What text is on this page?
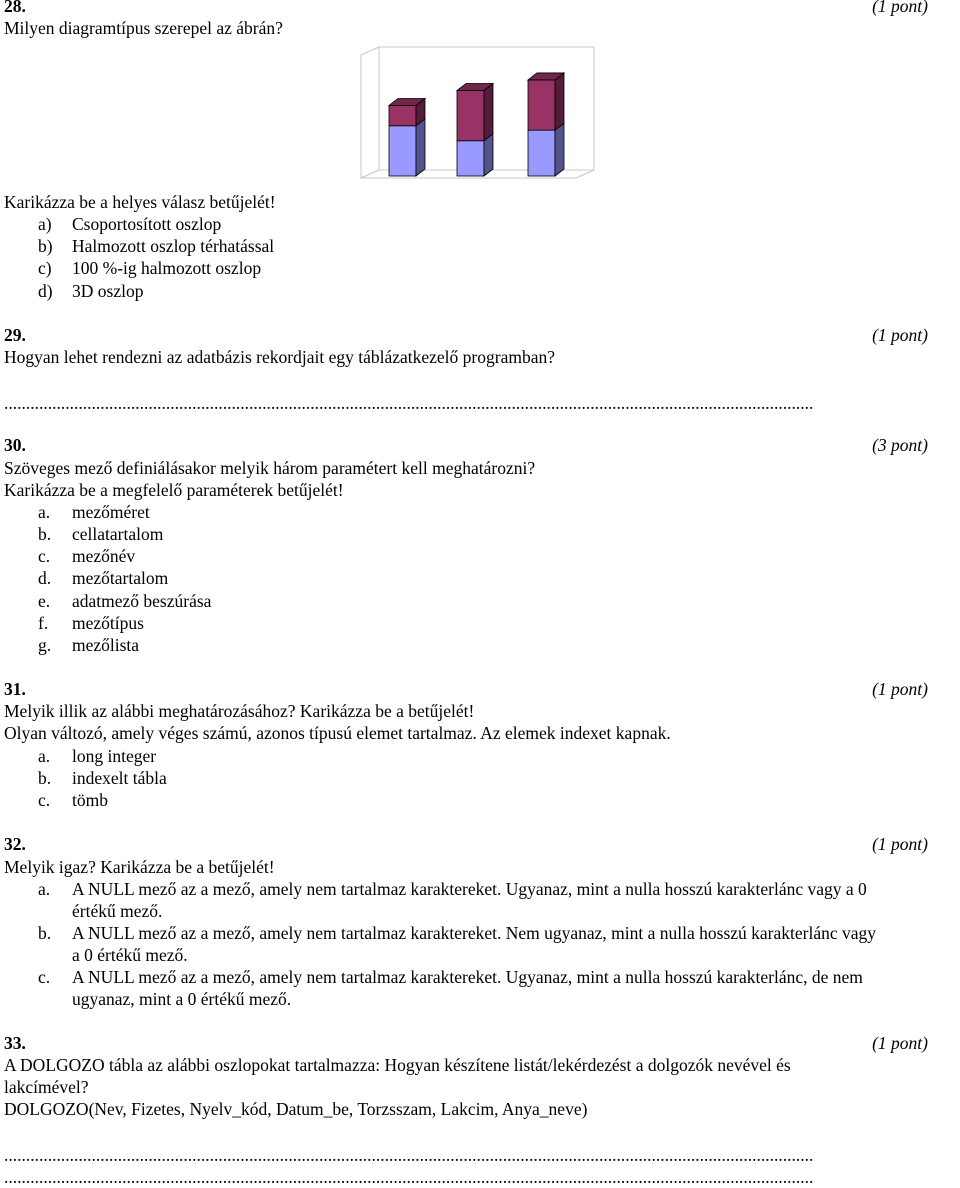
28.	(1 pont)
Milyen diagramtípus szerepel az ábrán?
Karikázza be a helyes válasz betűjelét!
a) Csoportosított oszlop
b) Halmozott oszlop térhatással
c) 100 %-ig halmozott oszlop
d) 3D oszlop
29.	(1 pont)
Hogyan lehet rendezni az adatbázis rekordjait egy táblázatkezelő programban?
.........................................................................................................................................................................................
30.	(3 pont)
Szöveges mező definiálásakor melyik három paramétert kell meghatározni?
Karikázza be a megfelelő paraméterek betűjelét!
a. mezőméret
b. cellatartalom
c. mezőnév
d. mezőtartalom
e. adatmező beszúrása
f. mezőtípus
g. mezőlista
31.	(1 pont)
Melyik illik az alábbi meghatározásához? Karikázza be a betűjelét!
Olyan változó, amely véges számú, azonos típusú elemet tartalmaz. Az elemek indexet kapnak.
a. long integer
b. indexelt tábla
c. tömb
32.	(1 pont)
Melyik igaz? Karikázza be a betűjelét!
a. A NULL mező az a mező, amely nem tartalmaz karaktereket. Ugyanaz, mint a nulla hosszú karakterlánc vagy a 0
értékű mező.
b. A NULL mező az a mező, amely nem tartalmaz karaktereket. Nem ugyanaz, mint a nulla hosszú karakterlánc vagy
a 0 értékű mező.
c. A NULL mező az a mező, amely nem tartalmaz karaktereket. Ugyanaz, mint a nulla hosszú karakterlánc, de nem
ugyanaz, mint a 0 értékű mező.
33.	(1 pont)
A DOLGOZO tábla az alábbi oszlopokat tartalmazza: Hogyan készítene listát/lekérdezést a dolgozók nevével és
lakcímével?
DOLGOZO(Nev, Fizetes, Nyelv_kód, Datum_be, Torzsszam, Lakcim, Anya_neve)
.........................................................................................................................................................................................
.........................................................................................................................................................................................
